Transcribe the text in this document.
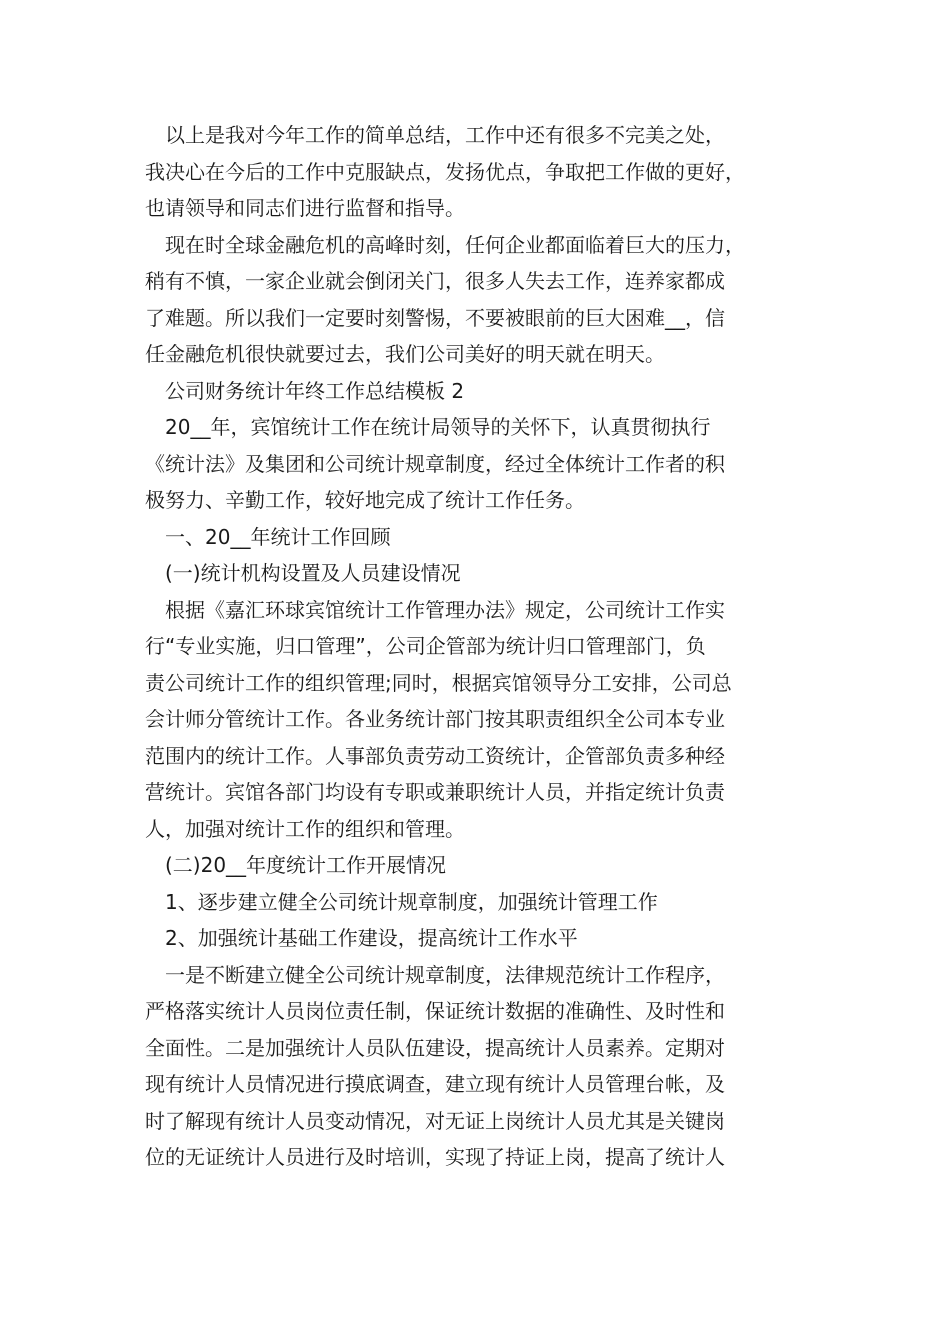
　以上是我对今年工作的简单总结，工作中还有很多不完美之处，
我决心在今后的工作中克服缺点，发扬优点，争取把工作做的更好，
也请领导和同志们进行监督和指导。

　现在时全球金融危机的高峰时刻，任何企业都面临着巨大的压力，
稍有不慎，一家企业就会倒闭关门，很多人失去工作，连养家都成
了难题。所以我们一定要时刻警惕，不要被眼前的巨大困难__，信
任金融危机很快就要过去，我们公司美好的明天就在明天。

　公司财务统计年终工作总结模板 2

　20__年，宾馆统计工作在统计局领导的关怀下，认真贯彻执行
《统计法》及集团和公司统计规章制度，经过全体统计工作者的积
极努力、辛勤工作，较好地完成了统计工作任务。

　一、20__年统计工作回顾

　(一)统计机构设置及人员建设情况

　根据《嘉汇环球宾馆统计工作管理办法》规定，公司统计工作实
行“专业实施，归口管理”，公司企管部为统计归口管理部门，负
责公司统计工作的组织管理;同时，根据宾馆领导分工安排，公司总
会计师分管统计工作。各业务统计部门按其职责组织全公司本专业
范围内的统计工作。人事部负责劳动工资统计，企管部负责多种经
营统计。宾馆各部门均设有专职或兼职统计人员，并指定统计负责
人，加强对统计工作的组织和管理。

　(二)20__年度统计工作开展情况

　1、逐步建立健全公司统计规章制度，加强统计管理工作

　2、加强统计基础工作建设，提高统计工作水平

　一是不断建立健全公司统计规章制度，法律规范统计工作程序，
严格落实统计人员岗位责任制，保证统计数据的准确性、及时性和
全面性。二是加强统计人员队伍建设，提高统计人员素养。定期对
现有统计人员情况进行摸底调查，建立现有统计人员管理台帐，及
时了解现有统计人员变动情况，对无证上岗统计人员尤其是关键岗
位的无证统计人员进行及时培训，实现了持证上岗，提高了统计人
